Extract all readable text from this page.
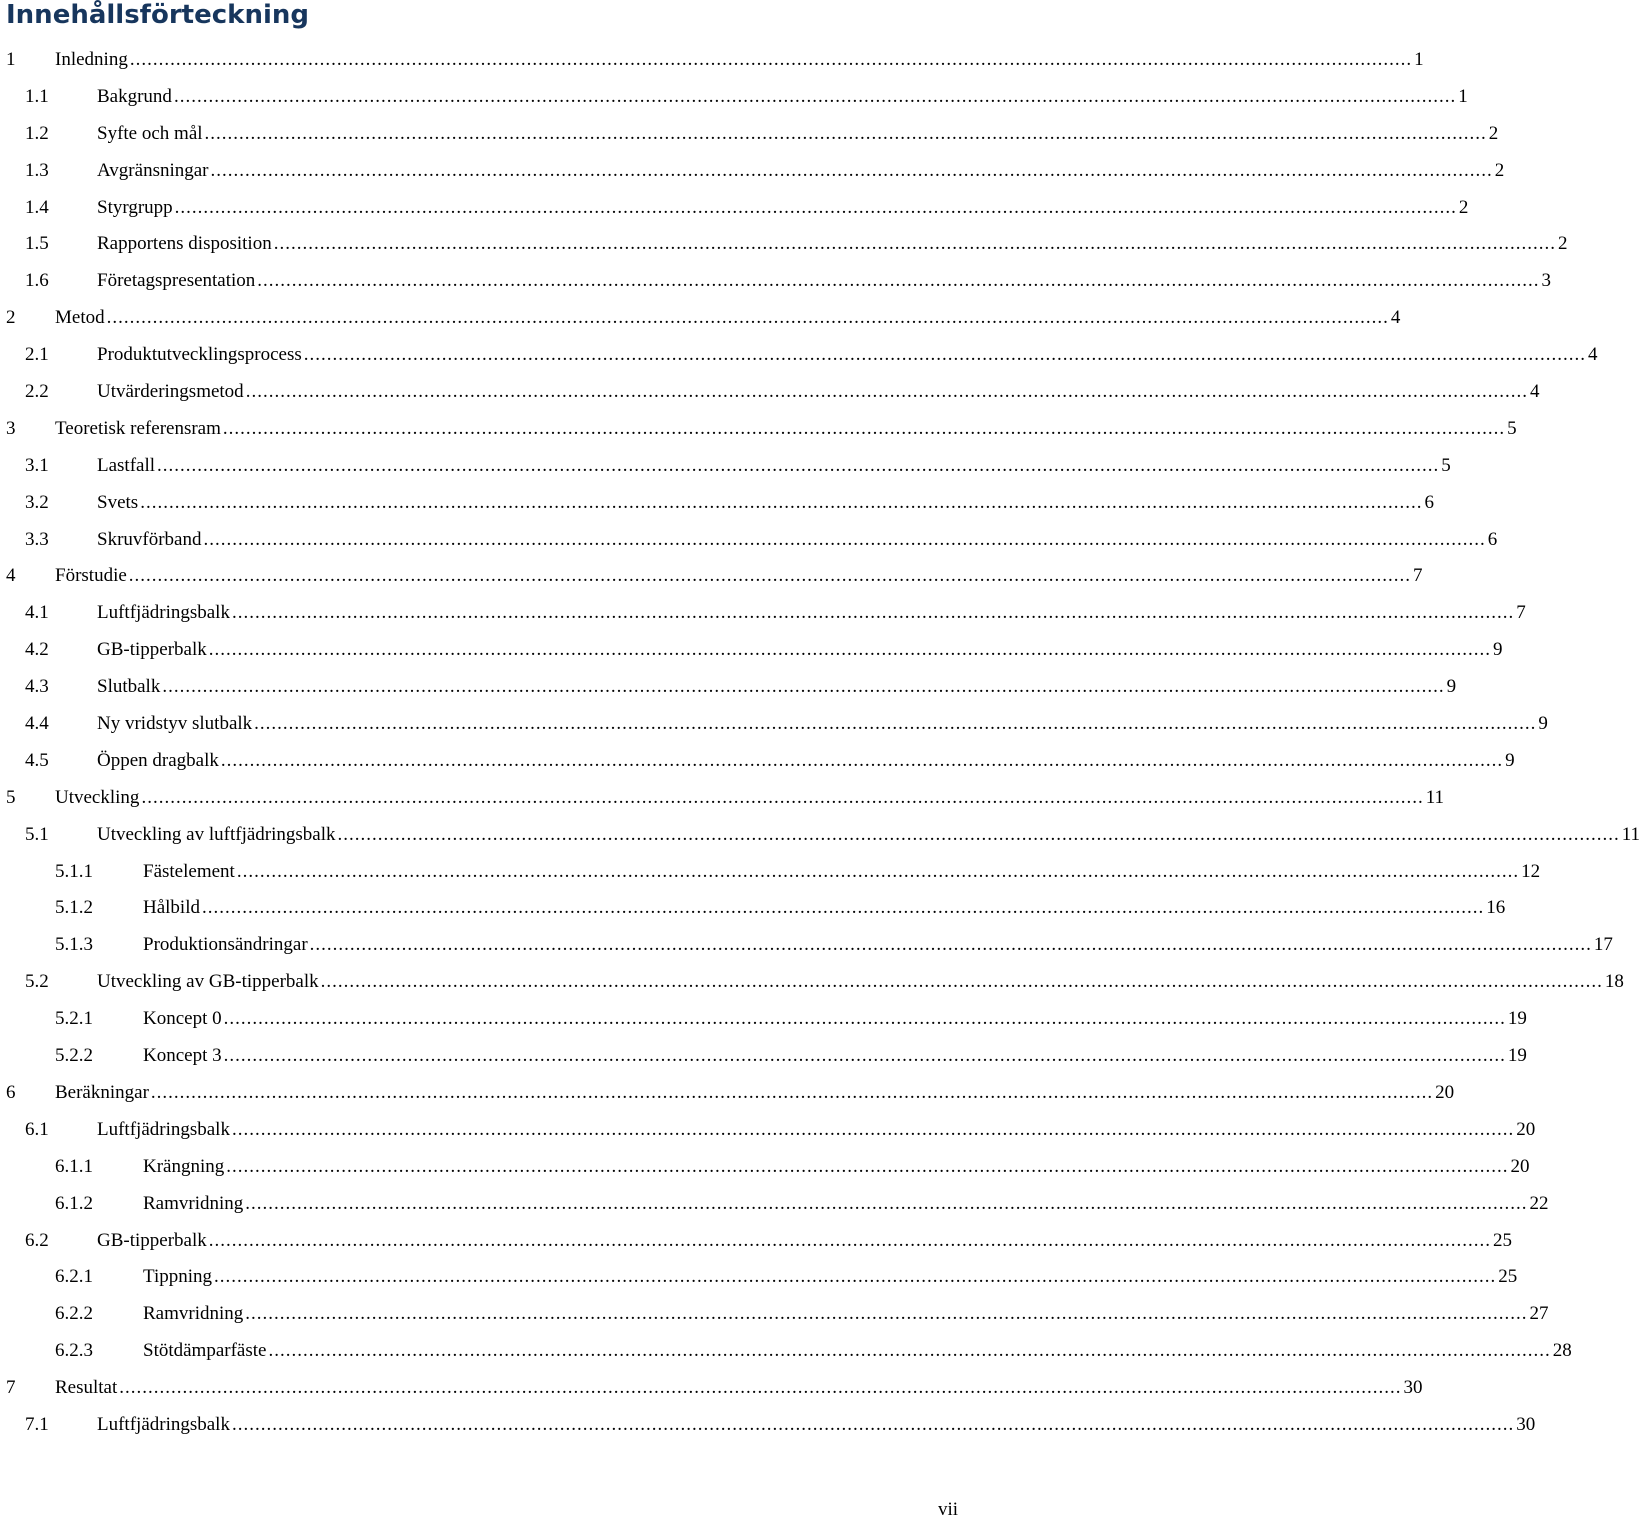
Innehållsförteckning
1 Inledning ............................................................................................................................................................................................................................... 1
1.1	Bakgrund ............................................................................................................................................................................................................................... 1
1.2	Syfte och mål ............................................................................................................................................................................................................................... 2
1.3	Avgränsningar ............................................................................................................................................................................................................................... 2
1.4	Styrgrupp ............................................................................................................................................................................................................................... 2
1.5	Rapportens disposition ............................................................................................................................................................................................................................... 2
1.6	Företagspresentation ............................................................................................................................................................................................................................... 3
2 Metod ............................................................................................................................................................................................................................... 4
2.1	Produktutvecklingsprocess ............................................................................................................................................................................................................................... 4
2.2	Utvärderingsmetod ............................................................................................................................................................................................................................... 4
3 Teoretisk referensram ............................................................................................................................................................................................................................... 5
3.1	Lastfall ............................................................................................................................................................................................................................... 5
3.2	Svets ............................................................................................................................................................................................................................... 6
3.3	Skruvförband ............................................................................................................................................................................................................................... 6
4 Förstudie ............................................................................................................................................................................................................................... 7
4.1	Luftfjädringsbalk ............................................................................................................................................................................................................................... 7
4.2	GB-tipperbalk ............................................................................................................................................................................................................................... 9
4.3	Slutbalk ............................................................................................................................................................................................................................... 9
4.4	Ny vridstyv slutbalk ............................................................................................................................................................................................................................... 9
4.5	Öppen dragbalk ............................................................................................................................................................................................................................... 9
5 Utveckling ............................................................................................................................................................................................................................... 11
5.1	Utveckling av luftfjädringsbalk ............................................................................................................................................................................................................................... 11
5.1.1	Fästelement ............................................................................................................................................................................................................................... 12
5.1.2	Hålbild ............................................................................................................................................................................................................................... 16
5.1.3	Produktionsändringar ............................................................................................................................................................................................................................... 17
5.2	Utveckling av GB-tipperbalk ............................................................................................................................................................................................................................... 18
5.2.1	Koncept 0 ............................................................................................................................................................................................................................... 19
5.2.2	Koncept 3 ............................................................................................................................................................................................................................... 19
6 Beräkningar ............................................................................................................................................................................................................................... 20
6.1	Luftfjädringsbalk ............................................................................................................................................................................................................................... 20
6.1.1	Krängning ............................................................................................................................................................................................................................... 20
6.1.2	Ramvridning ............................................................................................................................................................................................................................... 22
6.2	GB-tipperbalk ............................................................................................................................................................................................................................... 25
6.2.1	Tippning ............................................................................................................................................................................................................................... 25
6.2.2	Ramvridning ............................................................................................................................................................................................................................... 27
6.2.3	Stötdämparfäste ............................................................................................................................................................................................................................... 28
7 Resultat ............................................................................................................................................................................................................................... 30
7.1	Luftfjädringsbalk ............................................................................................................................................................................................................................... 30
vii
